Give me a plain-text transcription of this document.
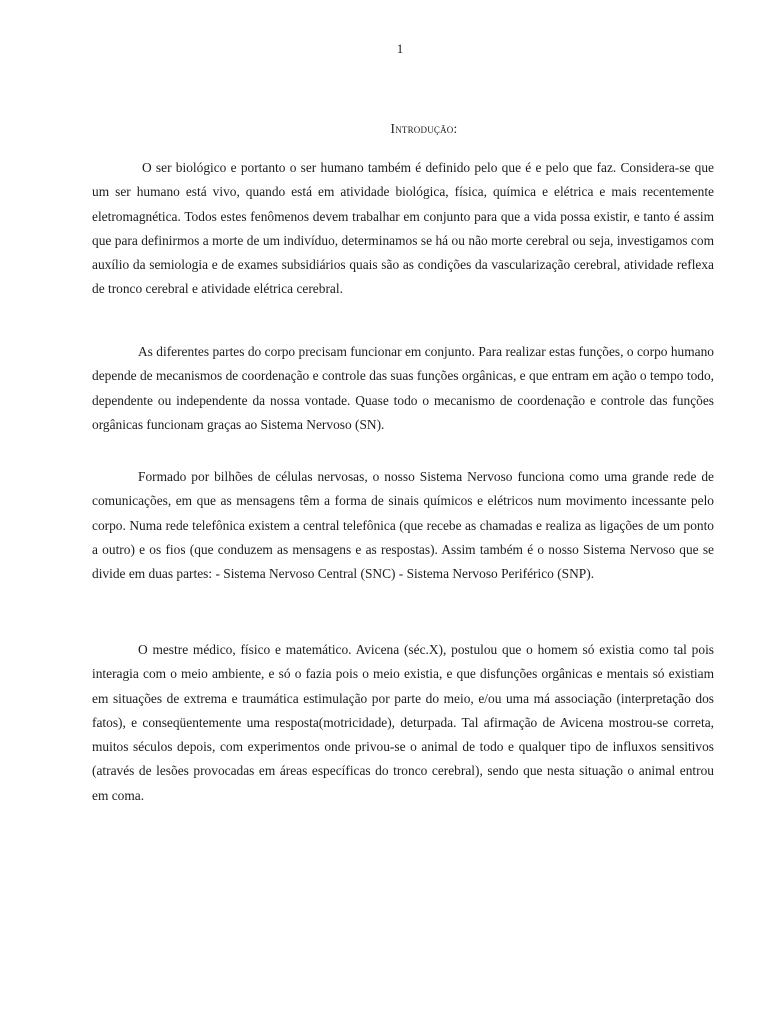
1
Introdução:

O ser biológico e portanto o ser humano também é definido pelo que é e pelo que faz. Considera-se que um ser humano está vivo, quando está em atividade biológica, física, química e elétrica e mais recentemente eletromagnética. Todos estes fenômenos devem trabalhar em conjunto para que a vida possa existir, e tanto é assim que para definirmos a morte de um indivíduo, determinamos se há ou não morte cerebral ou seja, investigamos com auxílio da semiologia e de exames subsidiários quais são as condições da vascularização cerebral, atividade reflexa de tronco cerebral e atividade elétrica cerebral.

As diferentes partes do corpo precisam funcionar em conjunto. Para realizar estas funções, o corpo humano depende de mecanismos de coordenação e controle das suas funções orgânicas, e que entram em ação o tempo todo, dependente ou independente da nossa vontade. Quase todo o mecanismo de coordenação e controle das funções orgânicas funcionam graças ao Sistema Nervoso (SN).

Formado por bilhões de células nervosas, o nosso Sistema Nervoso funciona como uma grande rede de comunicações, em que as mensagens têm a forma de sinais químicos e elétricos num movimento incessante pelo corpo. Numa rede telefônica existem a central telefônica (que recebe as chamadas e realiza as ligações de um ponto a outro) e os fios (que conduzem as mensagens e as respostas). Assim também é o nosso Sistema Nervoso que se divide em duas partes: - Sistema Nervoso Central (SNC) - Sistema Nervoso Periférico (SNP).

O mestre médico, físico e matemático. Avicena (séc.X), postulou que o homem só existia como tal pois interagia com o meio ambiente, e só o fazia pois o meio existia, e que disfunções orgânicas e mentais só existiam em situações de extrema e traumática estimulação por parte do meio, e/ou uma má associação (interpretação dos fatos), e conseqüentemente uma resposta(motricidade), deturpada. Tal afirmação de Avicena mostrou-se correta, muitos séculos depois, com experimentos onde privou-se o animal de todo e qualquer tipo de influxos sensitivos (através de lesões provocadas em áreas específicas do tronco cerebral), sendo que nesta situação o animal entrou em coma.
